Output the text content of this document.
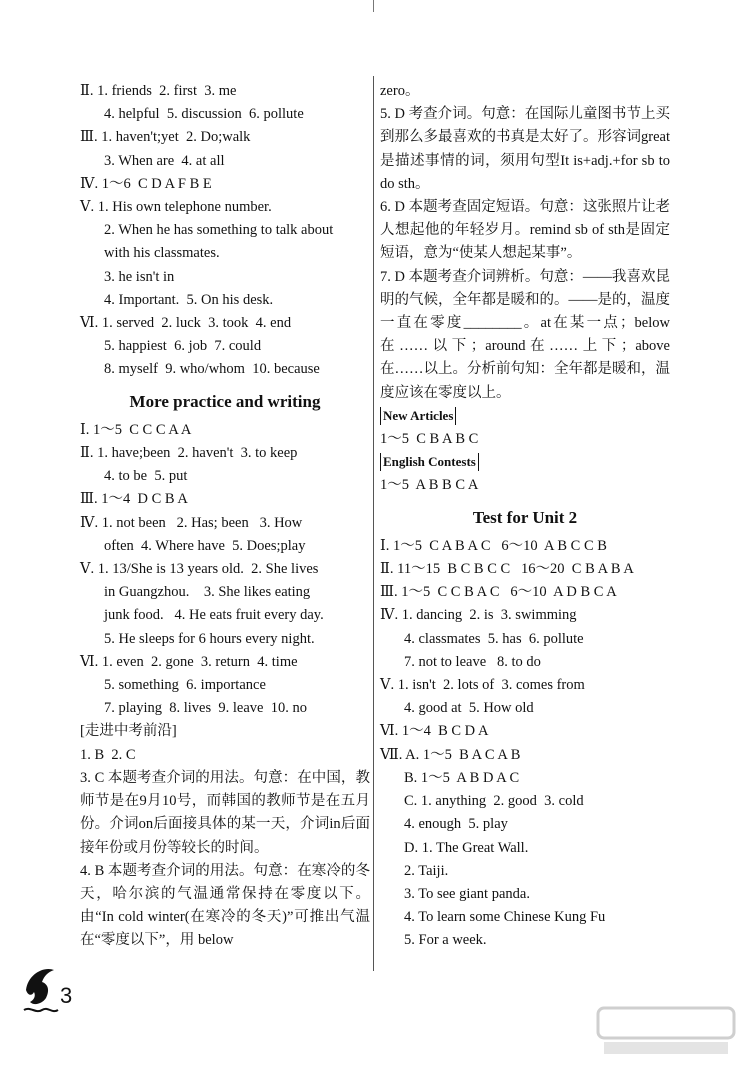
Ⅱ. 1. friends  2. first  3. me
4. helpful  5. discussion  6. pollute
Ⅲ. 1. haven't;yet  2. Do;walk
3. When are  4. at all
Ⅳ. 1～6  C D A F B E
Ⅴ. 1. His own telephone number.
2. When he has something to talk about
with his classmates.
3. he isn't in
4. Important.  5. On his desk.
Ⅵ. 1. served  2. luck  3. took  4. end
5. happiest  6. job  7. could
8. myself  9. who/whom  10. because
More practice and writing
Ⅰ. 1～5  C C C A A
Ⅱ. 1. have;been  2. haven't  3. to keep
4. to be  5. put
Ⅲ. 1～4  D C B A
Ⅳ. 1. not been   2. Has; been   3. How
often  4. Where have  5. Does;play
Ⅴ. 1. 13/She is 13 years old.  2. She lives
in Guangzhou.    3. She likes eating
junk food.   4. He eats fruit every day.
5. He sleeps for 6 hours every night.
Ⅵ. 1. even  2. gone  3. return  4. time
5. something  6. importance
7. playing  8. lives  9. leave  10. no
[走进中考前沿]
1. B  2. C
3. C 本题考查介词的用法。句意：在中国，教师节是在9月10号，而韩国的教师节是在五月份。介词on后面接具体的某一天，介词in后面接年份或月份等较长的时间。
4. B 本题考查介词的用法。句意：在寒冷的冬天，哈尔滨的气温通常保持在零度以下。由“In cold winter(在寒冷的冬天)”可推出气温在“零度以下”，用 below
zero。
5. D 考查介词。句意：在国际儿童图书节上买到那么多最喜欢的书真是太好了。形容词great是描述事情的词，须用句型It is+adj.+for sb to do sth。
6. D 本题考查固定短语。句意：这张照片让老人想起他的年轻岁月。remind sb of sth是固定短语，意为“使某人想起某事”。
7. D 本题考查介词辨析。句意：——我喜欢昆明的气候，全年都是暖和的。——是的，温度一直在零度________。at在某一点；below在……以下；around在……上下；above在……以上。分析前句知：全年都是暖和，温度应该在零度以上。
New Articles
1～5  C B A B C
English Contests
1～5  A B B C A
Test for Unit 2
Ⅰ. 1～5  C A B A C   6～10  A B C C B
Ⅱ. 11～15  B C B C C   16～20  C B A B A
Ⅲ. 1～5  C C B A C   6～10  A D B C A
Ⅳ. 1. dancing  2. is  3. swimming
4. classmates  5. has  6. pollute
7. not to leave   8. to do
Ⅴ. 1. isn't  2. lots of  3. comes from
4. good at  5. How old
Ⅵ. 1～4  B C D A
Ⅶ. A. 1～5  B A C A B
B. 1～5  A B D A C
C. 1. anything  2. good  3. cold
4. enough  5. play
D. 1. The Great Wall.
2. Taiji.
3. To see giant panda.
4. To learn some Chinese Kung Fu
5. For a week.
3
